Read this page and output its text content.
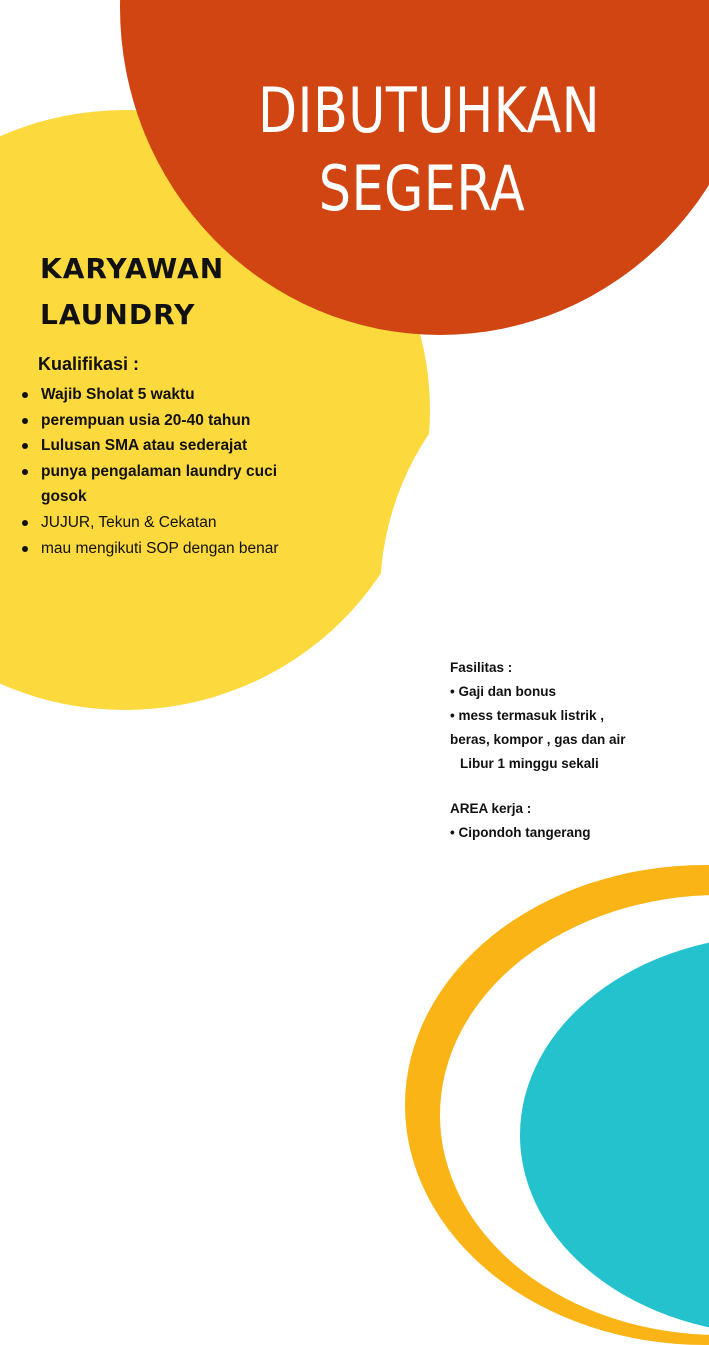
DIBUTUHKAN
SEGERA
KARYAWAN
LAUNDRY
Kualifikasi :
Wajib Sholat 5 waktu
perempuan usia 20-40 tahun
Lulusan SMA atau sederajat
punya pengalaman laundry cuci gosok
JUJUR, Tekun & Cekatan
mau mengikuti SOP dengan benar
Fasilitas :
• Gaji dan bonus
• mess termasuk listrik ,
beras, kompor , gas dan air
Libur 1 minggu sekali
AREA kerja :
• Cipondoh tangerang
